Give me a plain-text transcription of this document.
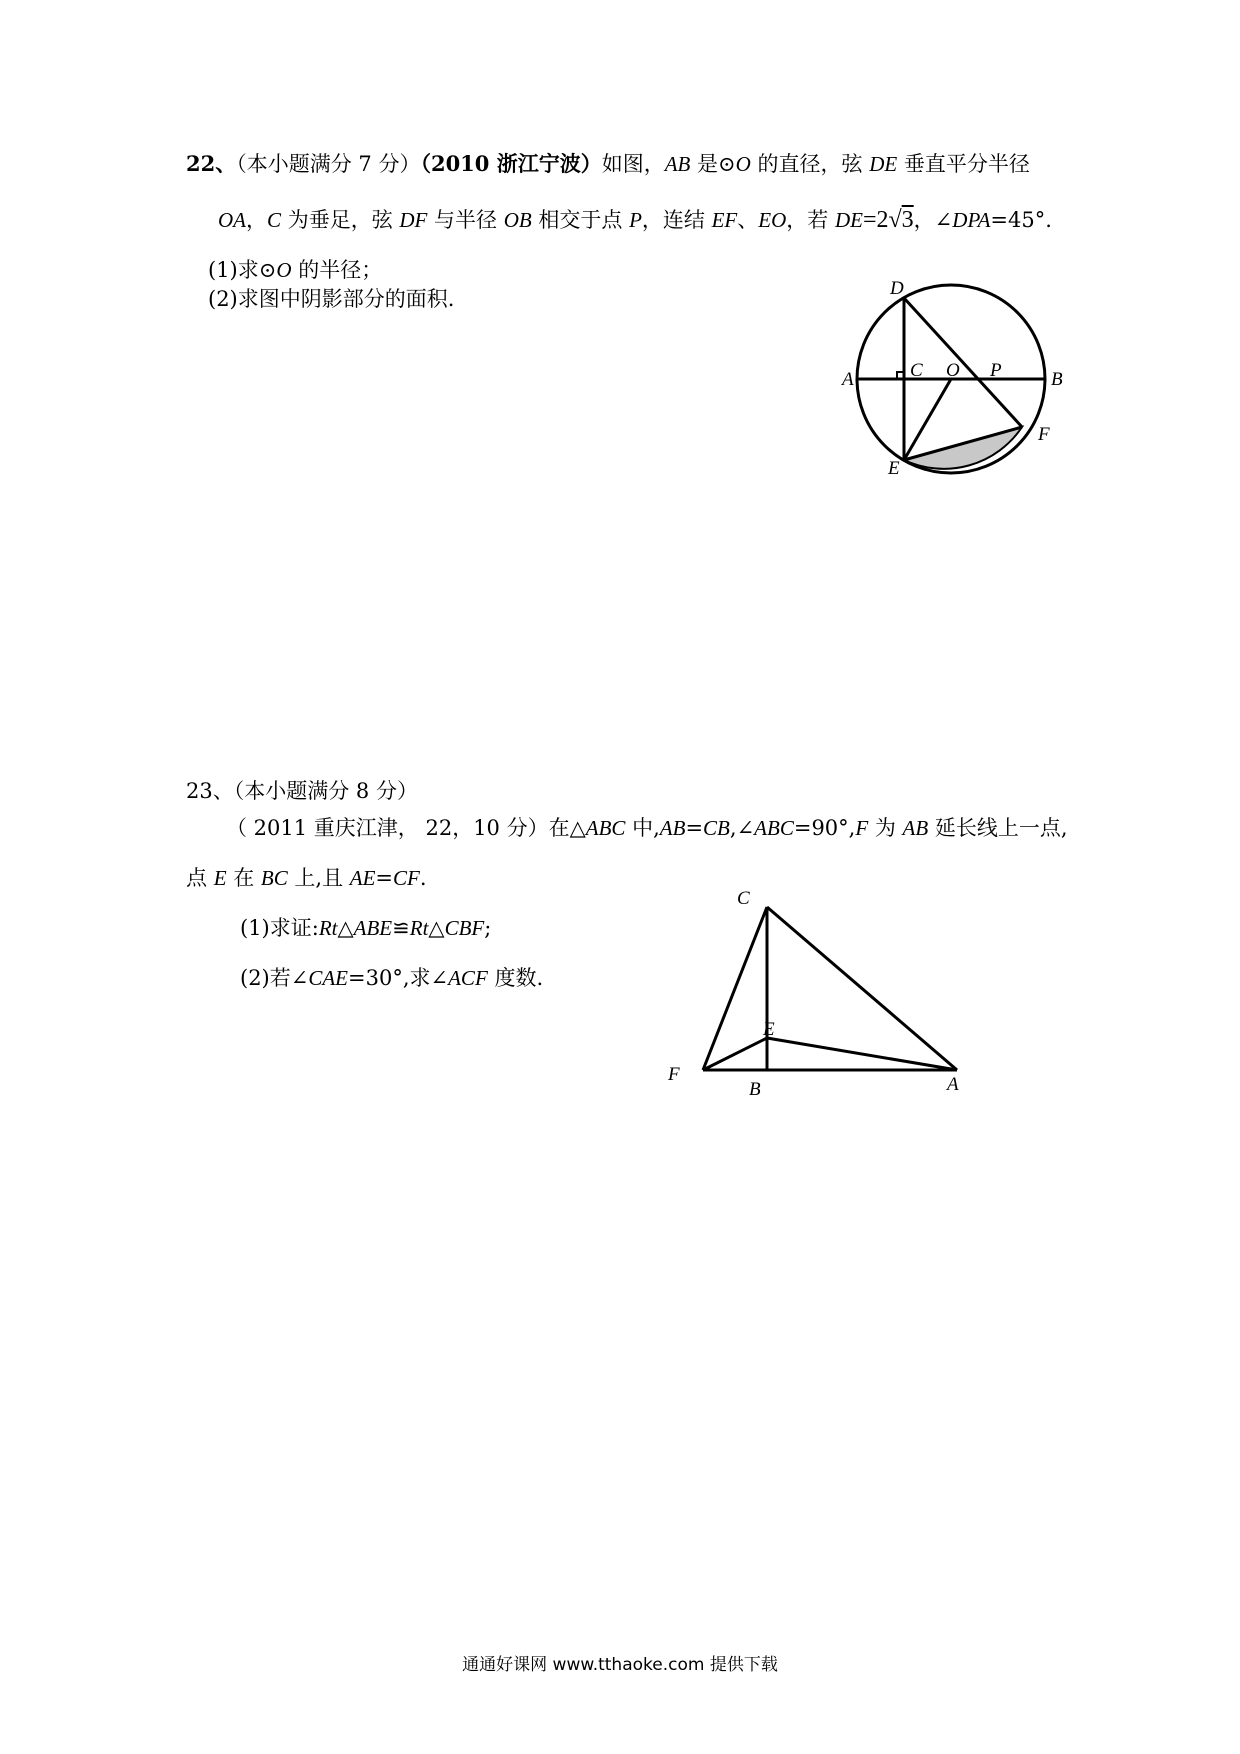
22、（本小题满分 7 分）（2010 浙江宁波）如图，AB 是⊙O 的直径，弦 DE 垂直平分半径
OA，C 为垂足，弦 DF 与半径 OB 相交于点 P，连结 EF、EO，若 DE=2√3，∠DPA=45°.
(1)求⊙O 的半径；
(2)求图中阴影部分的面积.	D
A	C O P	B
F
E
23、（本小题满分 8 分）
（ 2011 重庆江津， 22，10 分）在△ABC 中,AB=CB,∠ABC=90°,F 为 AB 延长线上一点,
点 E 在 BC 上,且 AE=CF.
(1)求证:Rt△ABE≌Rt△CBF;
(2)若∠CAE=30°,求∠ACF 度数.
C
E
F
B	A
通通好课网 www.tthaoke.com 提供下载
